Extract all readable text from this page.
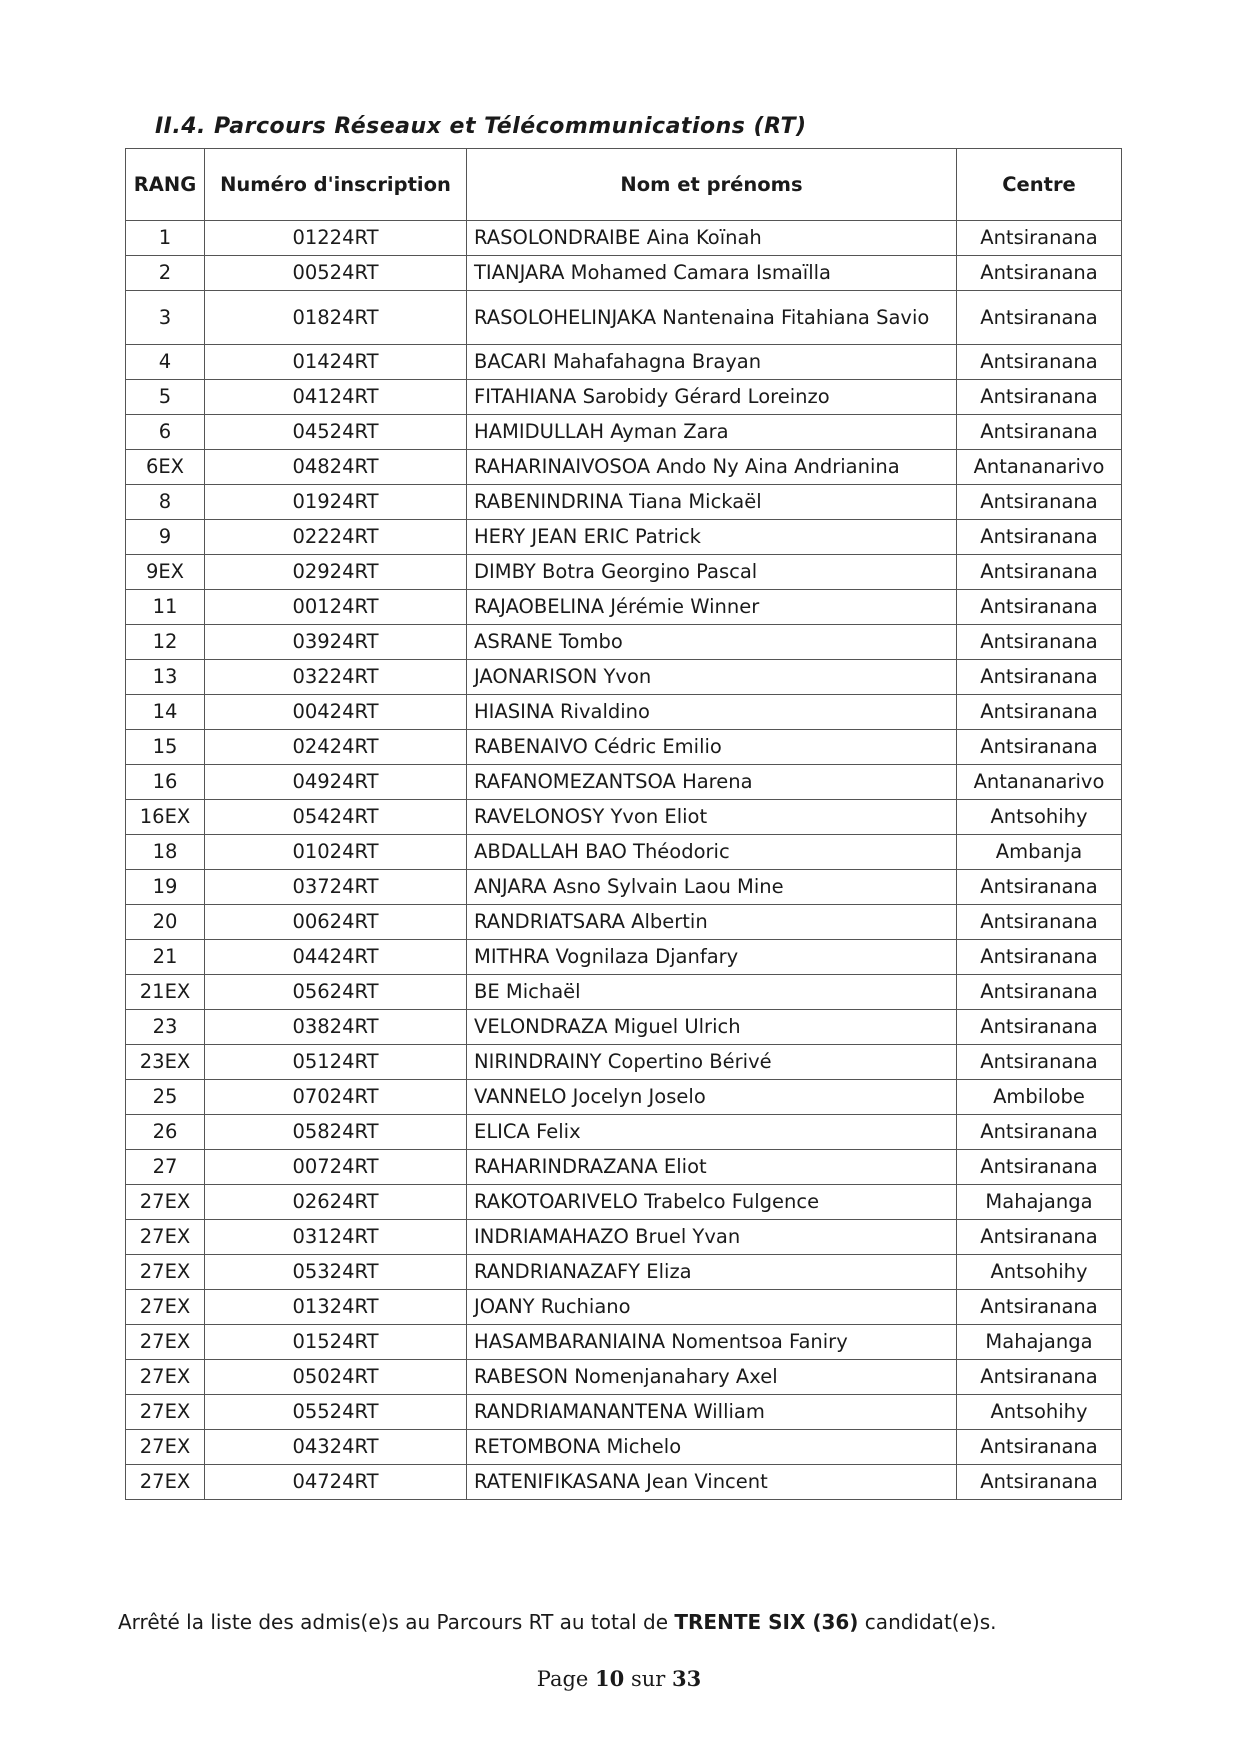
II.4. Parcours Réseaux et Télécommunications (RT)
RANG	Numéro d'inscription	Nom et prénoms	Centre
1	01224RT	RASOLONDRAIBE Aina Koïnah	Antsiranana
2	00524RT	TIANJARA Mohamed Camara Ismaïlla	Antsiranana
3	01824RT	RASOLOHELINJAKA Nantenaina Fitahiana Savio	Antsiranana
4	01424RT	BACARI Mahafahagna Brayan	Antsiranana
5	04124RT	FITAHIANA Sarobidy Gérard Loreinzo	Antsiranana
6	04524RT	HAMIDULLAH Ayman Zara	Antsiranana
6EX	04824RT	RAHARINAIVOSOA Ando Ny Aina Andrianina	Antananarivo
8	01924RT	RABENINDRINA Tiana Mickaël	Antsiranana
9	02224RT	HERY JEAN ERIC Patrick	Antsiranana
9EX	02924RT	DIMBY Botra Georgino Pascal	Antsiranana
11	00124RT	RAJAOBELINA Jérémie Winner	Antsiranana
12	03924RT	ASRANE Tombo	Antsiranana
13	03224RT	JAONARISON Yvon	Antsiranana
14	00424RT	HIASINA Rivaldino	Antsiranana
15	02424RT	RABENAIVO Cédric Emilio	Antsiranana
16	04924RT	RAFANOMEZANTSOA Harena	Antananarivo
16EX	05424RT	RAVELONOSY Yvon Eliot	Antsohihy
18	01024RT	ABDALLAH BAO Théodoric	Ambanja
19	03724RT	ANJARA Asno Sylvain Laou Mine	Antsiranana
20	00624RT	RANDRIATSARA Albertin	Antsiranana
21	04424RT	MITHRA Vognilaza Djanfary	Antsiranana
21EX	05624RT	BE Michaël	Antsiranana
23	03824RT	VELONDRAZA Miguel Ulrich	Antsiranana
23EX	05124RT	NIRINDRAINY Copertino Bérivé	Antsiranana
25	07024RT	VANNELO Jocelyn Joselo	Ambilobe
26	05824RT	ELICA Felix	Antsiranana
27	00724RT	RAHARINDRAZANA Eliot	Antsiranana
27EX	02624RT	RAKOTOARIVELO Trabelco Fulgence	Mahajanga
27EX	03124RT	INDRIAMAHAZO Bruel Yvan	Antsiranana
27EX	05324RT	RANDRIANAZAFY Eliza	Antsohihy
27EX	01324RT	JOANY Ruchiano	Antsiranana
27EX	01524RT	HASAMBARANIAINA Nomentsoa Faniry	Mahajanga
27EX	05024RT	RABESON Nomenjanahary Axel	Antsiranana
27EX	05524RT	RANDRIAMANANTENA William	Antsohihy
27EX	04324RT	RETOMBONA Michelo	Antsiranana
27EX	04724RT	RATENIFIKASANA Jean Vincent	Antsiranana

Arrêté la liste des admis(e)s au Parcours RT au total de TRENTE SIX (36) candidat(e)s.

Page 10 sur 33
